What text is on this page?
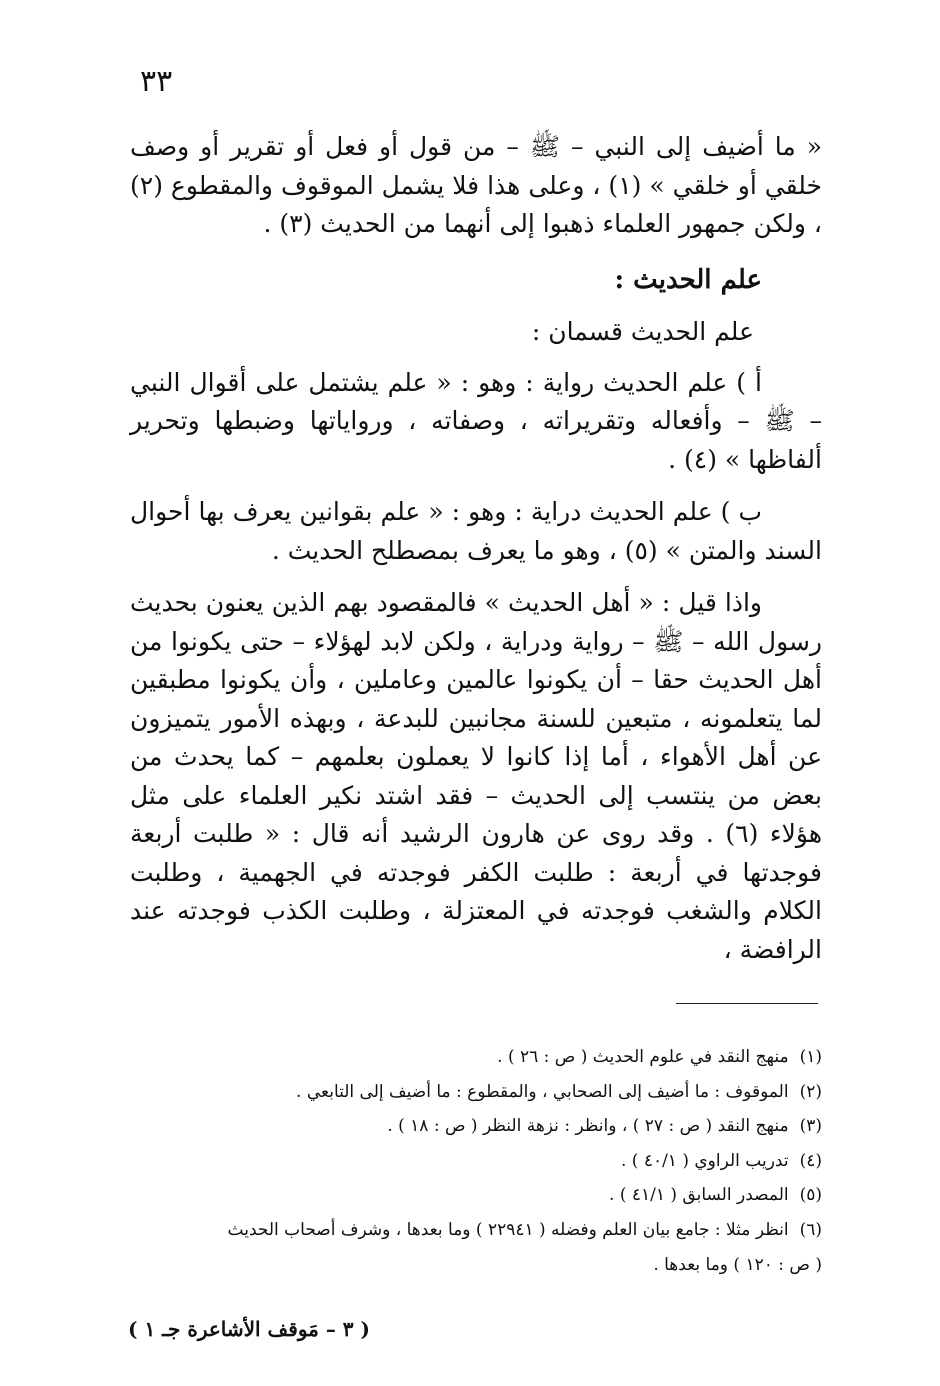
٣٣

« ما أضيف إلى النبي – ﷺ – من قول أو فعل أو تقرير أو وصف خلقي أو خلقي » (١) ، وعلى هذا فلا يشمل الموقوف والمقطوع (٢) ، ولكن جمهور العلماء ذهبوا إلى أنهما من الحديث (٣) .

علم الحديث :

علم الحديث قسمان :

أ ) علم الحديث رواية : وهو : « علم يشتمل على أقوال النبي – ﷺ – وأفعاله وتقريراته ، وصفاته ، ورواياتها وضبطها وتحرير ألفاظها » (٤) .

ب ) علم الحديث دراية : وهو : « علم بقوانين يعرف بها أحوال السند والمتن » (٥) ، وهو ما يعرف بمصطلح الحديث .

واذا قيل : « أهل الحديث » فالمقصود بهم الذين يعنون بحديث رسول الله – ﷺ – رواية ودراية ، ولكن لابد لهؤلاء – حتى يكونوا من أهل الحديث حقا – أن يكونوا عالمين وعاملين ، وأن يكونوا مطبقين لما يتعلمونه ، متبعين للسنة مجانبين للبدعة ، وبهذه الأمور يتميزون عن أهل الأهواء ، أما إذا كانوا لا يعملون بعلمهم – كما يحدث من بعض من ينتسب إلى الحديث – فقد اشتد نكير العلماء على مثل هؤلاء (٦) . وقد روى عن هارون الرشيد أنه قال : « طلبت أربعة فوجدتها في أربعة : طلبت الكفر فوجدته في الجهمية ، وطلبت الكلام والشغب فوجدته في المعتزلة ، وطلبت الكذب فوجدته عند الرافضة ،

(١) منهج النقد في علوم الحديث ( ص : ٢٦ ) .

(٢) الموقوف : ما أضيف إلى الصحابي ، والمقطوع : ما أضيف إلى التابعي .

(٣) منهج النقد ( ص : ٢٧ ) ، وانظر : نزهة النظر ( ص : ١٨ ) .

(٤) تدريب الراوي ( ٤٠/١ ) .

(٥) المصدر السابق ( ٤١/١ ) .

(٦) انظر مثلا : جامع بيان العلم وفضله ( ٢٢٩٤١ ) وما بعدها ، وشرف أصحاب الحديث

( ص : ١٢٠ ) وما بعدها .

( ٣ – مَوقف الأشاعرة جـ ١ )
